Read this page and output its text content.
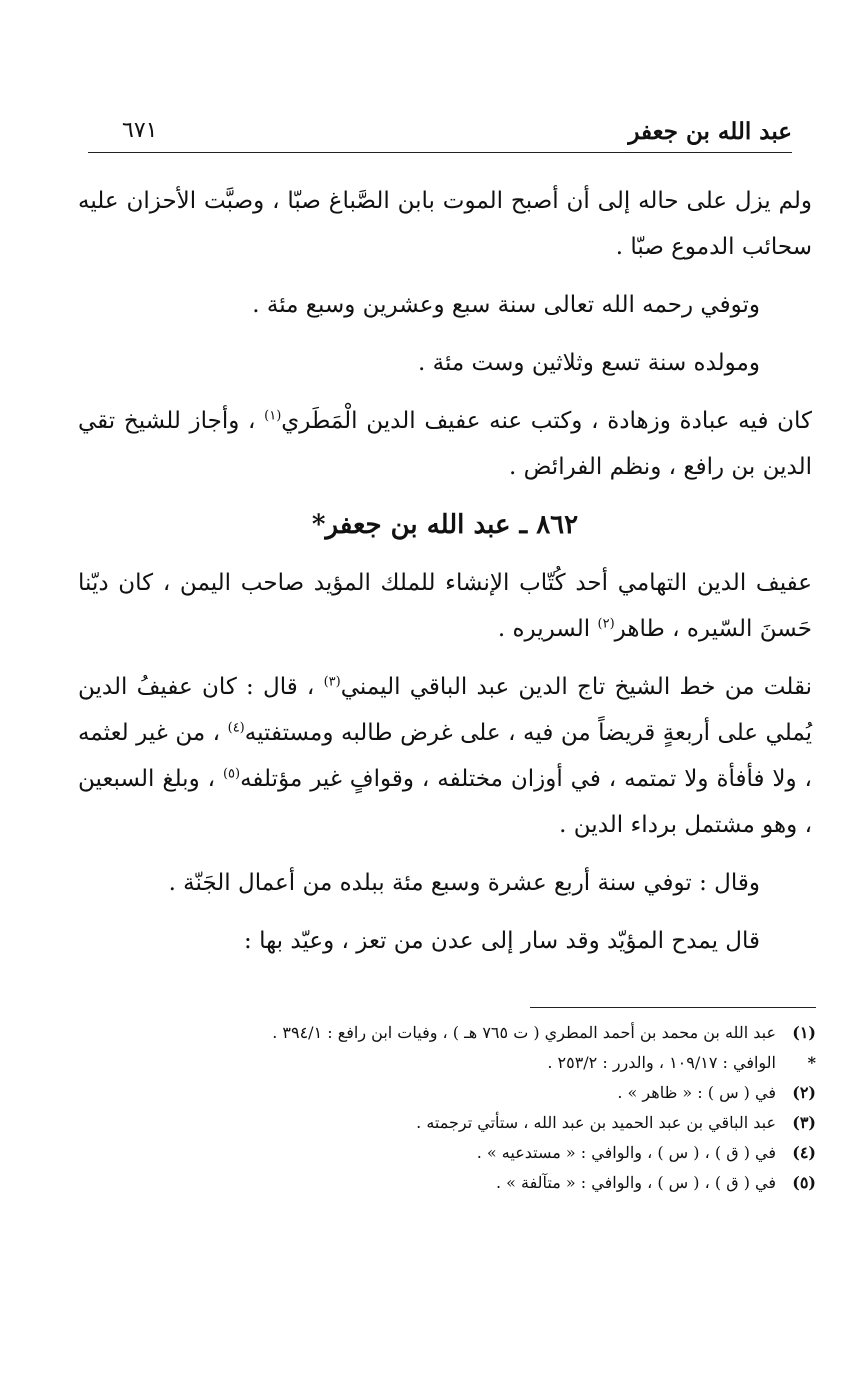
عبد الله بن جعفر
٦٧١

ولم يزل على حاله إلى أن أصبح الموت بابن الصَّباغ صبّا ، وصبَّت الأحزان عليه سحائب الدموع صبّا .

وتوفي رحمه الله تعالى سنة سبع وعشرين وسبع مئة .

ومولده سنة تسع وثلاثين وست مئة .

كان فيه عبادة وزهادة ، وكتب عنه عفيف الدين الْمَطَري$^{(١)}$ ، وأجاز للشيخ تقي الدين بن رافع ، ونظم الفرائض .

٨٦٢ ـ عبد الله بن جعفر*

عفيف الدين التهامي أحد كُتّاب الإنشاء للملك المؤيد صاحب اليمن ، كان ديّنا حَسنَ السّيره ، طاهر$^{(٢)}$ السريره .

نقلت من خط الشيخ تاج الدين عبد الباقي اليمني$^{(٣)}$ ، قال : كان عفيفُ الدين يُملي على أربعةٍ قريضاً من فيه ، على غرض طالبه ومستفتيه$^{(٤)}$ ، من غير لعثمه ، ولا فأفأة ولا تمتمه ، في أوزان مختلفه ، وقوافٍ غير مؤتلفه$^{(٥)}$ ، وبلغ السبعين ، وهو مشتمل برداء الدين .

وقال : توفي سنة أربع عشرة وسبع مئة ببلده من أعمال الجَنّة .

قال يمدح المؤيّد وقد سار إلى عدن من تعز ، وعيّد بها :

(١)
عبد الله بن محمد بن أحمد المطري ( ت ٧٦٥ هـ ) ، وفيات ابن رافع : ٣٩٤/١ .
*
الوافي : ١٠٩/١٧ ، والدرر : ٢٥٣/٢ .
(٢)
في ( س ) : « ظاهر » .
(٣)
عبد الباقي بن عبد الحميد بن عبد الله ، ستأتي ترجمته .
(٤)
في ( ق ) ، ( س ) ، والوافي : « مستدعيه » .
(٥)
في ( ق ) ، ( س ) ، والوافي : « متآلفة » .
